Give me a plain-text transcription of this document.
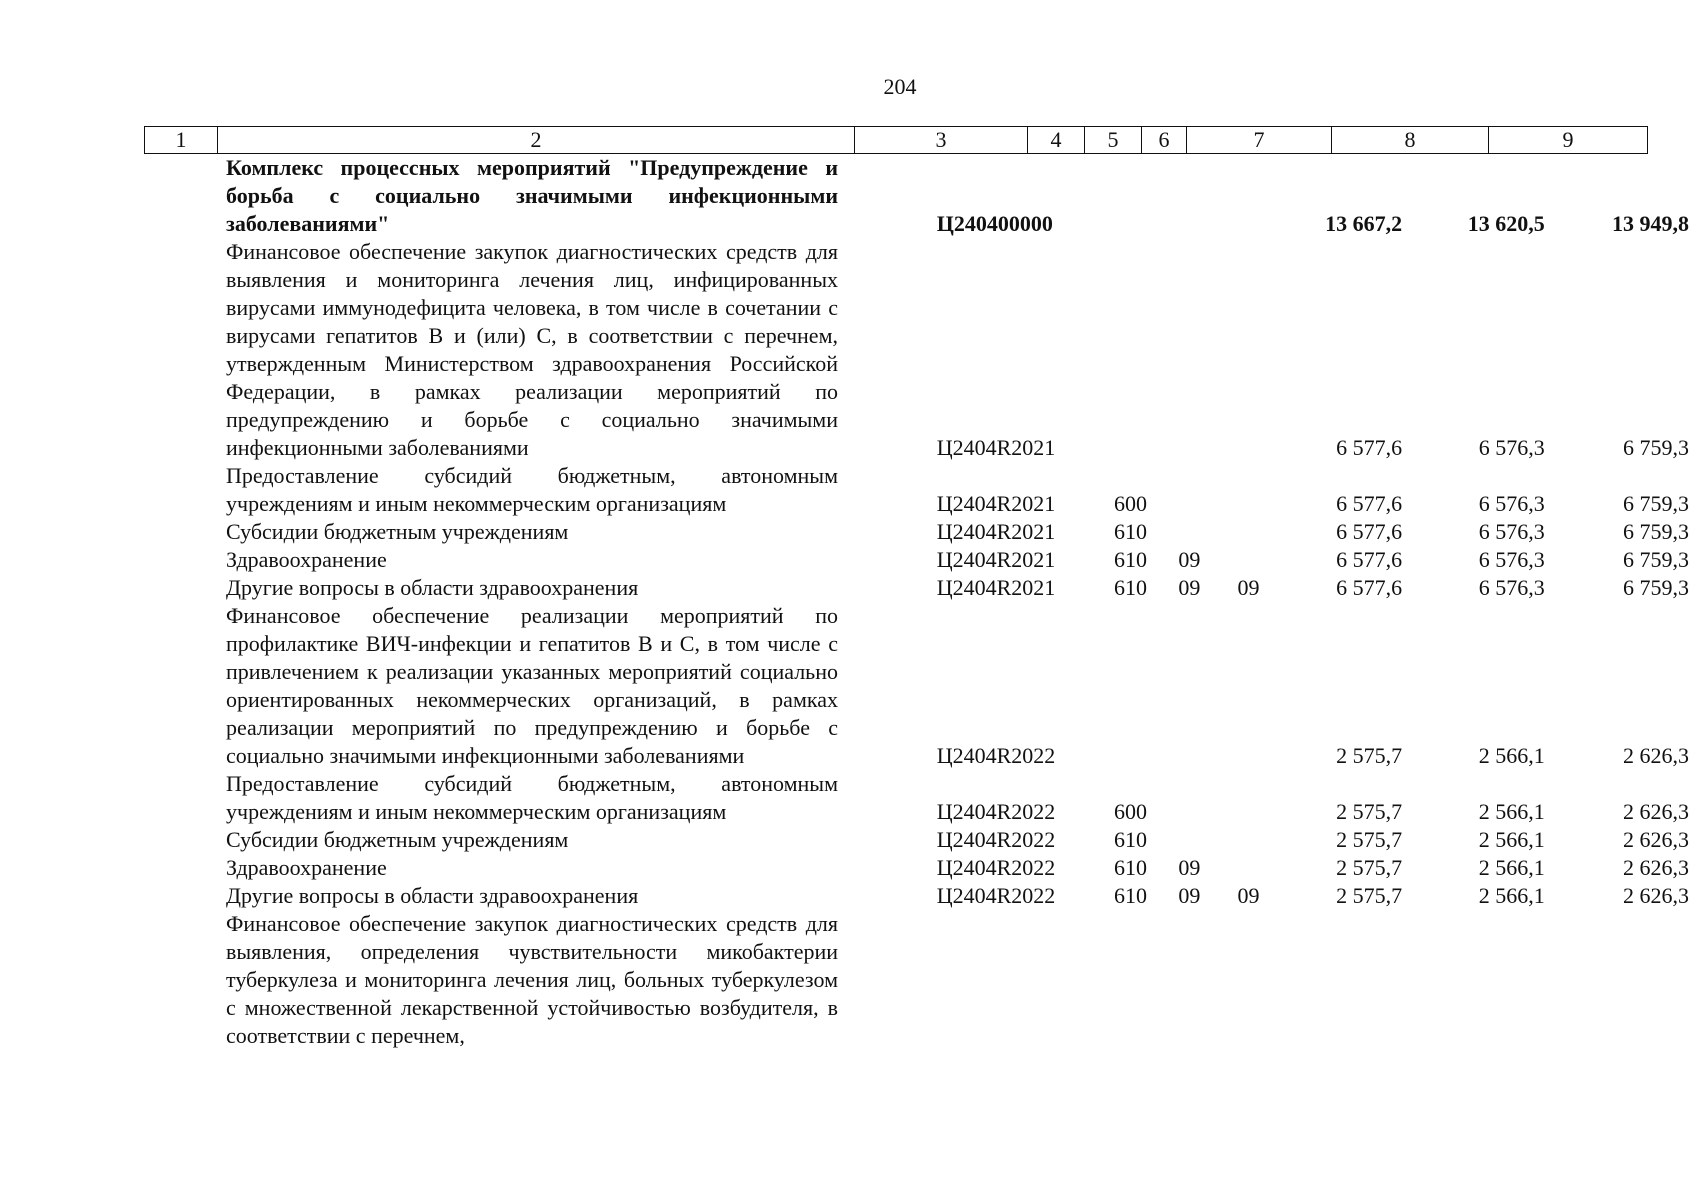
204
1	2	3	4	5	6	7	8	9
Комплекс процессных мероприятий "Предупреждение и борьба с социально значимыми инфекционными заболеваниями"	Ц240400000				13 667,2	13 620,5	13 949,8

Финансовое обеспечение закупок диагностических средств для выявления и мониторинга лечения лиц, инфицированных вирусами иммунодефицита человека, в том числе в сочетании с вирусами гепатитов В и (или) С, в соответствии с перечнем, утвержденным Министерством здравоохранения Российской Федерации, в рамках реализации мероприятий по предупреждению и борьбе с социально значимыми инфекционными заболеваниями	Ц2404R2021				6 577,6	6 576,3	6 759,3

Предоставление субсидий бюджетным, автономным учреждениям и иным некоммерческим организациям	Ц2404R2021	600			6 577,6	6 576,3	6 759,3

Субсидии бюджетным учреждениям	Ц2404R2021	610			6 577,6	6 576,3	6 759,3

Здравоохранение	Ц2404R2021	610	09		6 577,6	6 576,3	6 759,3

Другие вопросы в области здравоохранения	Ц2404R2021	610	09	09	6 577,6	6 576,3	6 759,3

Финансовое обеспечение реализации мероприятий по профилактике ВИЧ-инфекции и гепатитов В и С, в том числе с привлечением к реализации указанных мероприятий социально ориентированных некоммерческих организаций, в рамках реализации мероприятий по предупреждению и борьбе с социально значимыми инфекционными заболеваниями	Ц2404R2022				2 575,7	2 566,1	2 626,3

Предоставление субсидий бюджетным, автономным учреждениям и иным некоммерческим организациям	Ц2404R2022	600			2 575,7	2 566,1	2 626,3

Субсидии бюджетным учреждениям	Ц2404R2022	610			2 575,7	2 566,1	2 626,3

Здравоохранение	Ц2404R2022	610	09		2 575,7	2 566,1	2 626,3

Другие вопросы в области здравоохранения	Ц2404R2022	610	09	09	2 575,7	2 566,1	2 626,3

Финансовое обеспечение закупок диагностических средств для выявления, определения чувствительности микобактерии туберкулеза и мониторинга лечения лиц, больных туберкулезом с множественной лекарственной устойчивостью возбудителя, в соответствии с перечнем,							
